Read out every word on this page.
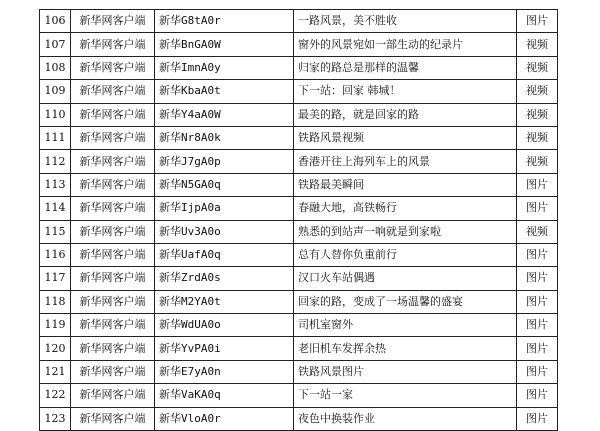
106	新华网客户端	新华G8tA0r	一路风景，美不胜收	图片
107	新华网客户端	新华BnGA0W	窗外的风景宛如一部生动的纪录片	视频
108	新华网客户端	新华ImnA0y	归家的路总是那样的温馨	视频
109	新华网客户端	新华KbaA0t	下一站：回家 韩城！	视频
110	新华网客户端	新华Y4aA0W	最美的路，就是回家的路	视频
111	新华网客户端	新华Nr8A0k	铁路风景视频	视频
112	新华网客户端	新华J7gA0p	香港开往上海列车上的风景	视频
113	新华网客户端	新华N5GA0q	铁路最美瞬间	图片
114	新华网客户端	新华IjpA0a	春融大地，高铁畅行	图片
115	新华网客户端	新华Uv3A0o	熟悉的到站声一响就是到家啦	视频
116	新华网客户端	新华UafA0q	总有人替你负重前行	图片
117	新华网客户端	新华ZrdA0s	汉口火车站偶遇	图片
118	新华网客户端	新华M2YA0t	回家的路，变成了一场温馨的盛宴	图片
119	新华网客户端	新华WdUA0o	司机室窗外	图片
120	新华网客户端	新华YvPA0i	老旧机车发挥余热	图片
121	新华网客户端	新华E7yA0n	铁路风景图片	图片
122	新华网客户端	新华VaKA0q	下一站一家	图片
123	新华网客户端	新华VloA0r	夜色中换装作业	图片
